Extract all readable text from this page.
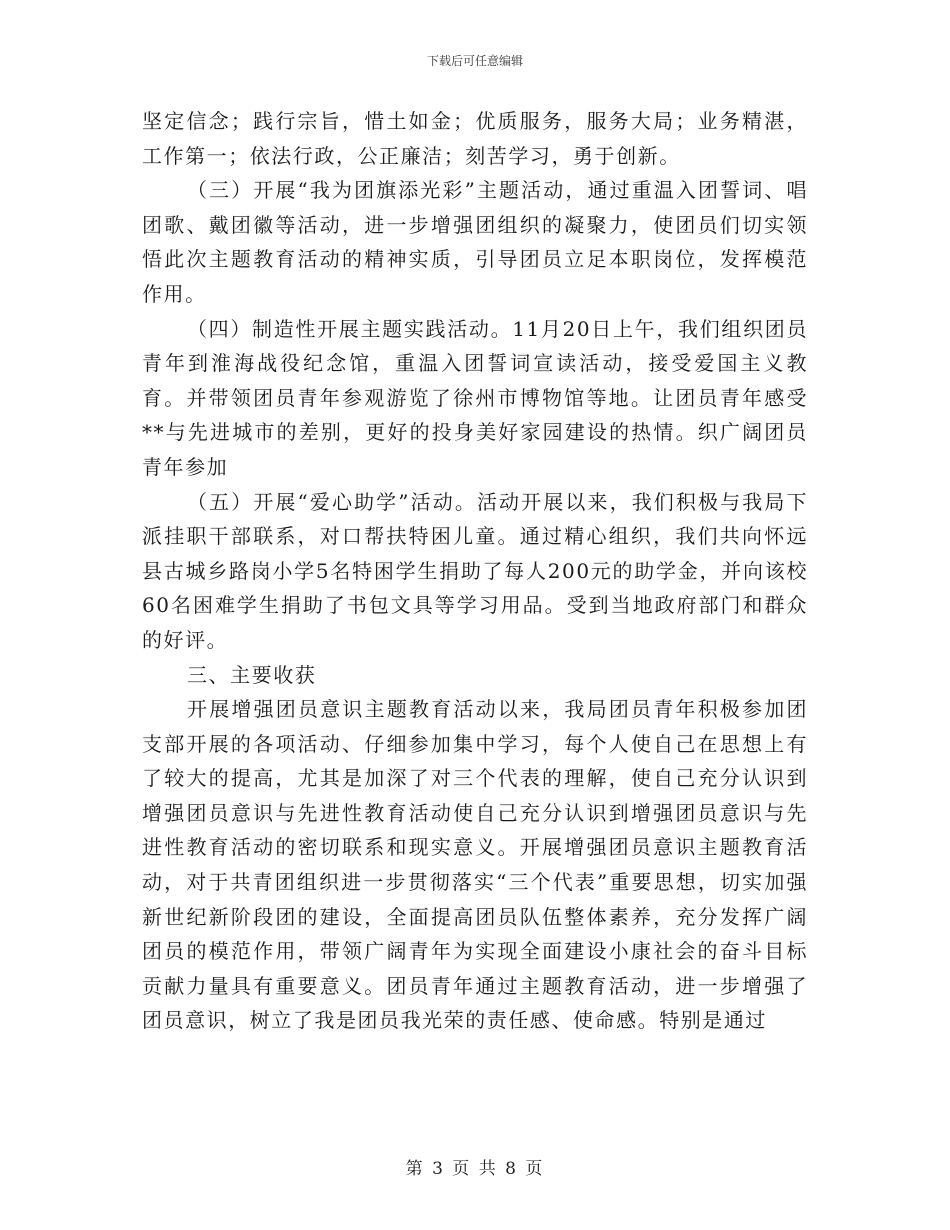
下载后可任意编辑

坚定信念；践行宗旨，惜土如金；优质服务，服务大局；业务精湛，工作第一；依法行政，公正廉洁；刻苦学习，勇于创新。

（三）开展“我为团旗添光彩”主题活动，通过重温入团誓词、唱团歌、戴团徽等活动，进一步增强团组织的凝聚力，使团员们切实领悟此次主题教育活动的精神实质，引导团员立足本职岗位，发挥模范作用。

（四）制造性开展主题实践活动。11月20日上午，我们组织团员青年到淮海战役纪念馆，重温入团誓词宣读活动，接受爱国主义教育。并带领团员青年参观游览了徐州市博物馆等地。让团员青年感受**与先进城市的差别，更好的投身美好家园建设的热情。织广阔团员青年参加

（五）开展“爱心助学”活动。活动开展以来，我们积极与我局下派挂职干部联系，对口帮扶特困儿童。通过精心组织，我们共向怀远县古城乡路岗小学5名特困学生捐助了每人200元的助学金，并向该校60名困难学生捐助了书包文具等学习用品。受到当地政府部门和群众的好评。

三、主要收获

开展增强团员意识主题教育活动以来，我局团员青年积极参加团支部开展的各项活动、仔细参加集中学习，每个人使自己在思想上有了较大的提高，尤其是加深了对三个代表的理解，使自己充分认识到增强团员意识与先进性教育活动使自己充分认识到增强团员意识与先进性教育活动的密切联系和现实意义。开展增强团员意识主题教育活动，对于共青团组织进一步贯彻落实“三个代表”重要思想，切实加强新世纪新阶段团的建设，全面提高团员队伍整体素养，充分发挥广阔团员的模范作用，带领广阔青年为实现全面建设小康社会的奋斗目标贡献力量具有重要意义。团员青年通过主题教育活动，进一步增强了团员意识，树立了我是团员我光荣的责任感、使命感。特别是通过

第 3 页 共 8 页
